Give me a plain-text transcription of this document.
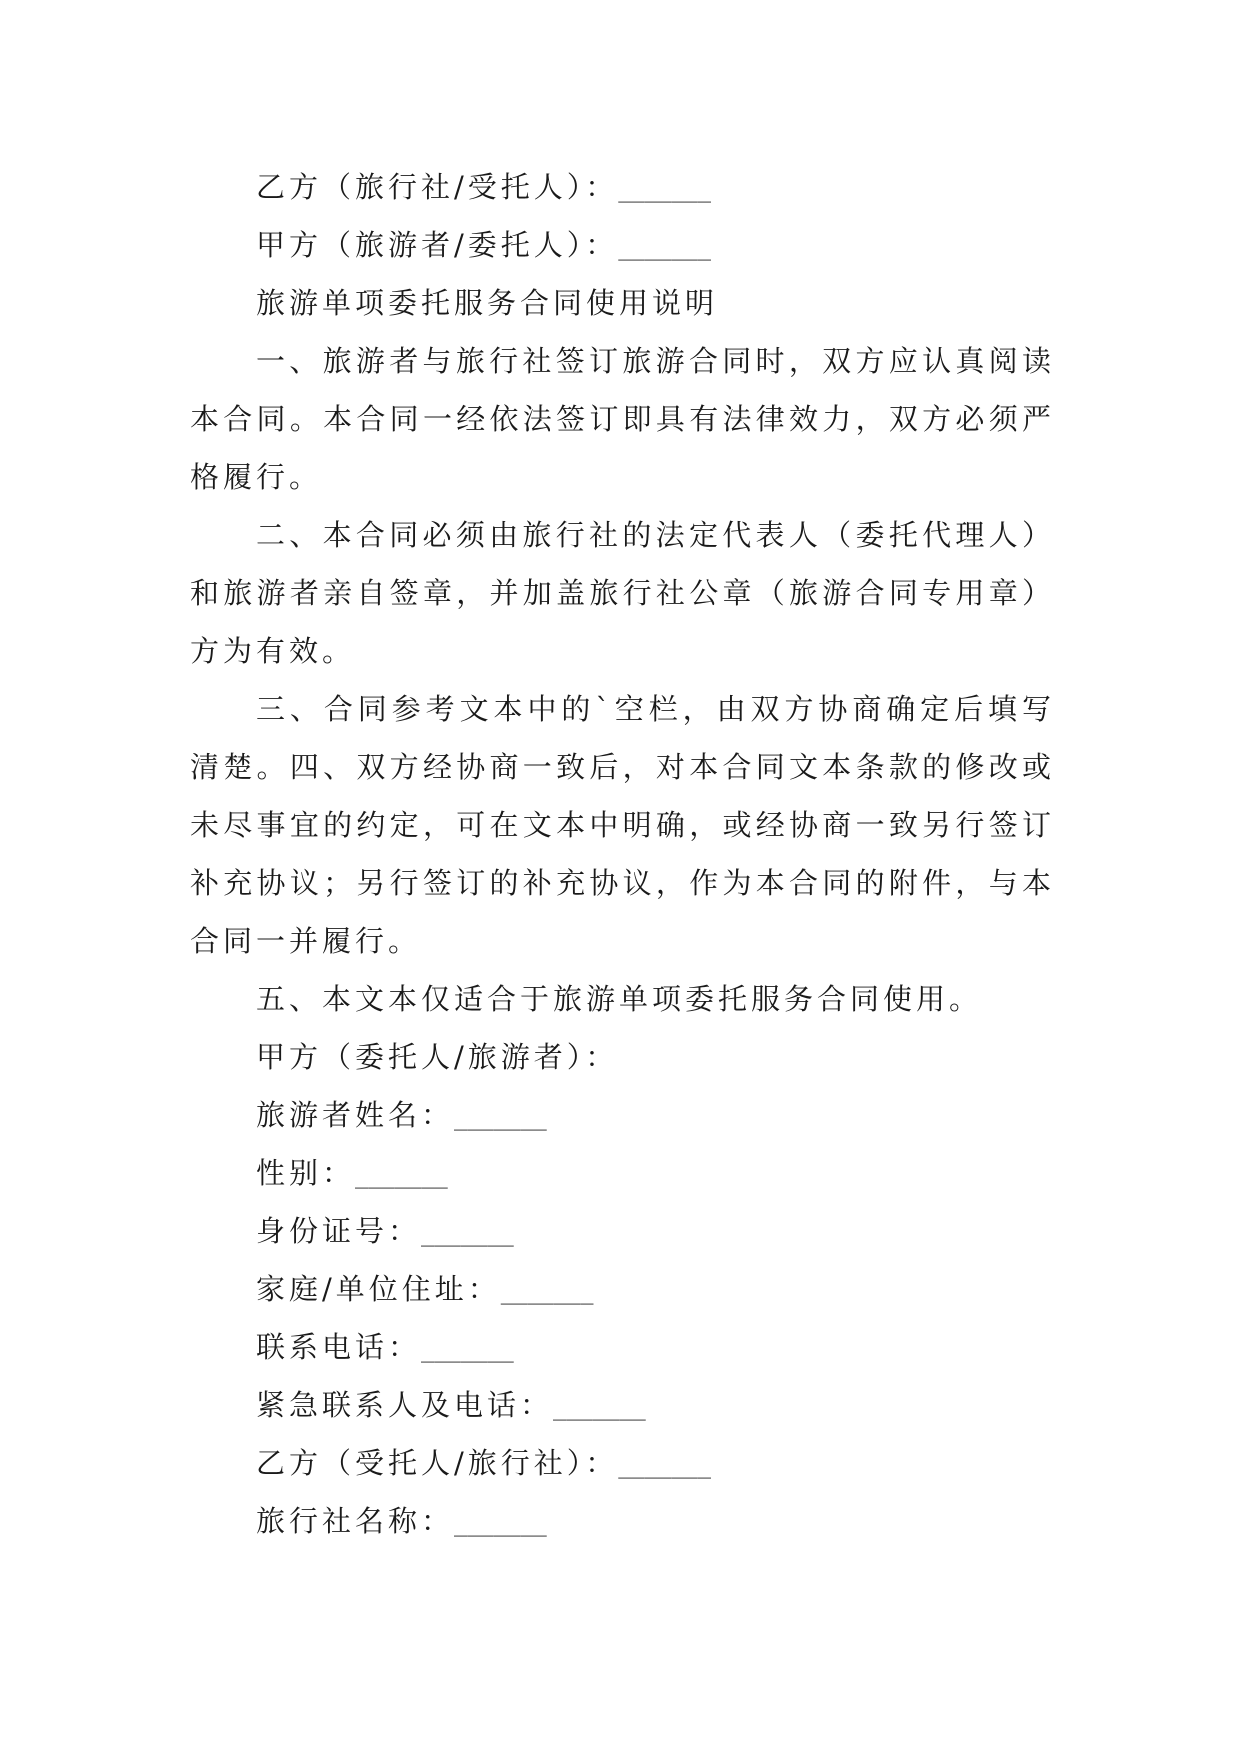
乙方（旅行社/受托人）：_______
甲方（旅游者/委托人）：_______
旅游单项委托服务合同使用说明

一、旅游者与旅行社签订旅游合同时，双方应认真阅读本合同。本合同一经依法签订即具有法律效力，双方必须严格履行。

二、本合同必须由旅行社的法定代表人（委托代理人）和旅游者亲自签章，并加盖旅行社公章（旅游合同专用章）方为有效。

三、合同参考文本中的`空栏，由双方协商确定后填写清楚。四、双方经协商一致后，对本合同文本条款的修改或未尽事宜的约定，可在文本中明确，或经协商一致另行签订补充协议；另行签订的补充协议，作为本合同的附件，与本合同一并履行。

五、本文本仅适合于旅游单项委托服务合同使用。
甲方（委托人/旅游者）：
旅游者姓名：_______
性别：_______
身份证号：_______
家庭/单位住址：_______
联系电话：_______
紧急联系人及电话：_______
乙方（受托人/旅行社）：_______
旅行社名称：_______
